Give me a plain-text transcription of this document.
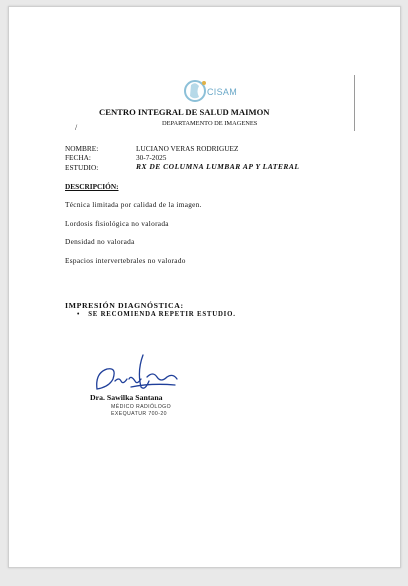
CISAM
CENTRO INTEGRAL DE SALUD MAIMON
DEPARTAMENTO DE IMAGENES
/
NOMBRE:	LUCIANO VERAS RODRIGUEZ
FECHA:	30-7-2025
ESTUDIO:	RX DE COLUMNA LUMBAR AP Y LATERAL
DESCRIPCIÓN:
Técnica limitada por calidad de la imagen.
Lordosis fisiológica no valorada
Densidad no valorada
Espacios intervertebrales no valorado
IMPRESIÓN DIAGNÓSTICA:
• SE RECOMIENDA REPETIR ESTUDIO.
Dra. Sawilka Santana
MÉDICO RADIÓLOGO
EXEQUATUR 700-20
